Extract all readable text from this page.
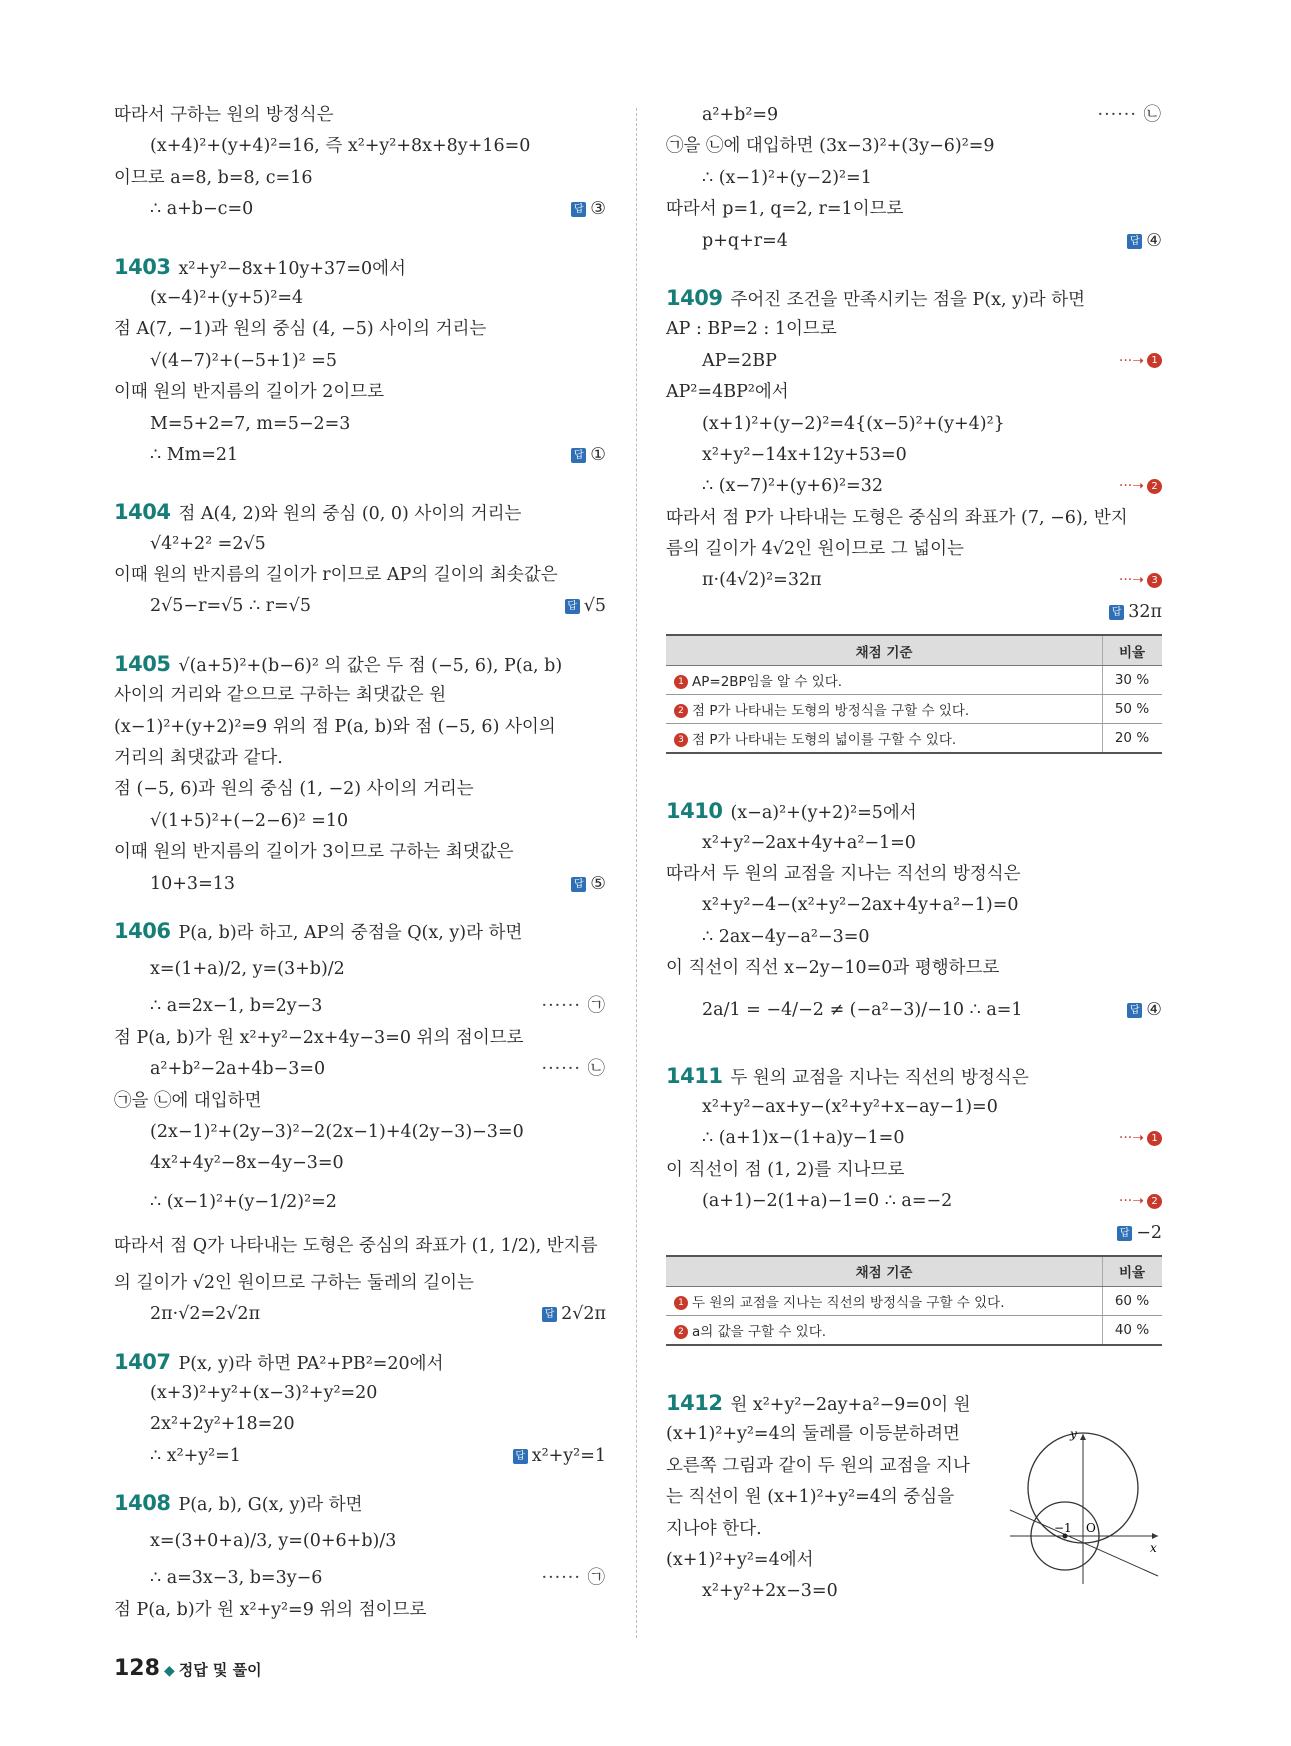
따라서 구하는 원의 방정식은
(x+4)²+(y+4)²=16, 즉 x²+y²+8x+8y+16=0
이므로 a=8, b=8, c=16
∴ a+b−c=0	답 ③
1403 x²+y²−8x+10y+37=0에서
(x−4)²+(y+5)²=4
점 A(7, −1)과 원의 중심 (4, −5) 사이의 거리는
√(4−7)²+(−5+1)² =5
이때 원의 반지름의 길이가 2이므로
M=5+2=7, m=5−2=3
∴ Mm=21	답 ①
1404 점 A(4, 2)와 원의 중심 (0, 0) 사이의 거리는
√4²+2² =2√5
이때 원의 반지름의 길이가 r이므로 AP의 길이의 최솟값은
2√5−r=√5 ∴ r=√5	답 √5
1405 √(a+5)²+(b−6)² 의 값은 두 점 (−5, 6), P(a, b)
사이의 거리와 같으므로 구하는 최댓값은 원
(x−1)²+(y+2)²=9 위의 점 P(a, b)와 점 (−5, 6) 사이의
거리의 최댓값과 같다.
점 (−5, 6)과 원의 중심 (1, −2) 사이의 거리는
√(1+5)²+(−2−6)² =10
이때 원의 반지름의 길이가 3이므로 구하는 최댓값은
10+3=13	답 ⑤
1406 P(a, b)라 하고, AP의 중점을 Q(x, y)라 하면
x=(1+a)/2, y=(3+b)/2
∴ a=2x−1, b=2y−3	······ ㉠
점 P(a, b)가 원 x²+y²−2x+4y−3=0 위의 점이므로
a²+b²−2a+4b−3=0	······ ㉡
㉠을 ㉡에 대입하면
(2x−1)²+(2y−3)²−2(2x−1)+4(2y−3)−3=0
4x²+4y²−8x−4y−3=0
∴ (x−1)²+(y−1/2)²=2
따라서 점 Q가 나타내는 도형은 중심의 좌표가 (1, 1/2), 반지름
의 길이가 √2인 원이므로 구하는 둘레의 길이는
2π·√2=2√2π	답 2√2π
1407 P(x, y)라 하면 PA²+PB²=20에서
(x+3)²+y²+(x−3)²+y²=20
2x²+2y²+18=20
∴ x²+y²=1	답 x²+y²=1
1408 P(a, b), G(x, y)라 하면
x=(3+0+a)/3, y=(0+6+b)/3
∴ a=3x−3, b=3y−6	······ ㉠
점 P(a, b)가 원 x²+y²=9 위의 점이므로
a²+b²=9	······ ㉡
㉠을 ㉡에 대입하면 (3x−3)²+(3y−6)²=9
∴ (x−1)²+(y−2)²=1
따라서 p=1, q=2, r=1이므로
p+q+r=4	답 ④
1409 주어진 조건을 만족시키는 점을 P(x, y)라 하면
AP : BP=2 : 1이므로
AP=2BP	···➝ 1
AP²=4BP²에서
(x+1)²+(y−2)²=4{(x−5)²+(y+4)²}
x²+y²−14x+12y+53=0
∴ (x−7)²+(y+6)²=32	···➝ 2
따라서 점 P가 나타내는 도형은 중심의 좌표가 (7, −6), 반지
름의 길이가 4√2인 원이므로 그 넓이는
π·(4√2)²=32π	···➝ 3
답 32π
채점 기준	비율
1 AP=2BP임을 알 수 있다.	30 %
2 점 P가 나타내는 도형의 방정식을 구할 수 있다.	50 %
3 점 P가 나타내는 도형의 넓이를 구할 수 있다.	20 %
1410 (x−a)²+(y+2)²=5에서
x²+y²−2ax+4y+a²−1=0
따라서 두 원의 교점을 지나는 직선의 방정식은
x²+y²−4−(x²+y²−2ax+4y+a²−1)=0
∴ 2ax−4y−a²−3=0
이 직선이 직선 x−2y−10=0과 평행하므로
2a/1 = −4/−2 ≠ (−a²−3)/−10 ∴ a=1	답 ④
1411 두 원의 교점을 지나는 직선의 방정식은
x²+y²−ax+y−(x²+y²+x−ay−1)=0
∴ (a+1)x−(1+a)y−1=0	···➝ 1
이 직선이 점 (1, 2)를 지나므로
(a+1)−2(1+a)−1=0 ∴ a=−2	···➝ 2
답 −2
채점 기준	비율
1 두 원의 교점을 지나는 직선의 방정식을 구할 수 있다.	60 %
2 a의 값을 구할 수 있다.	40 %
1412 원 x²+y²−2ay+a²−9=0이 원
(x+1)²+y²=4의 둘레를 이등분하려면
오른쪽 그림과 같이 두 원의 교점을 지나
는 직선이 원 (x+1)²+y²=4의 중심을
지나야 한다.
(x+1)²+y²=4에서
x²+y²+2x−3=0
y
x
−1 O
128 ◆ 정답 및 풀이
